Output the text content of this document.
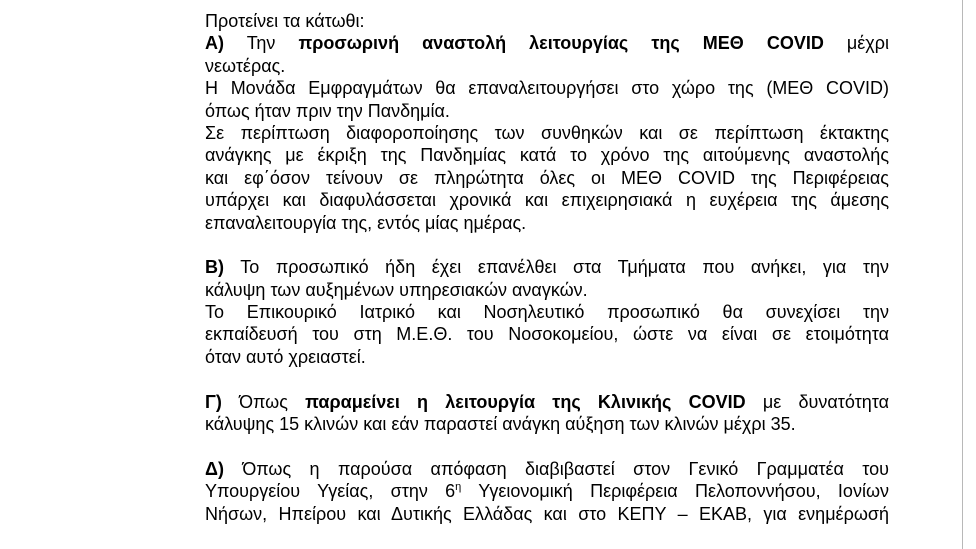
Προτείνει τα κάτωθι:
Α) Την προσωρινή αναστολή λειτουργίας της ΜΕΘ COVID μέχρι
νεωτέρας.
Η Μονάδα Εμφραγμάτων θα επαναλειτουργήσει στο χώρο της (ΜΕΘ COVID)
όπως ήταν πριν την Πανδημία.
Σε περίπτωση διαφοροποίησης των συνθηκών και σε περίπτωση έκτακτης
ανάγκης με έκριξη της Πανδημίας κατά το χρόνο της αιτούμενης αναστολής
και εφ΄όσον τείνουν σε πληρώτητα όλες οι ΜΕΘ COVID της Περιφέρειας
υπάρχει και διαφυλάσσεται χρονικά και επιχειρησιακά η ευχέρεια της άμεσης
επαναλειτουργία της, εντός μίας ημέρας.
Β) Το προσωπικό ήδη έχει επανέλθει στα Τμήματα που ανήκει, για την
κάλυψη των αυξημένων υπηρεσιακών αναγκών.
Το Επικουρικό Ιατρικό και Νοσηλευτικό προσωπικό θα συνεχίσει την
εκπαίδευσή του στη Μ.Ε.Θ. του Νοσοκομείου, ώστε να είναι σε ετοιμότητα
όταν αυτό χρειαστεί.
Γ) Όπως παραμείνει η λειτουργία της Κλινικής COVID με δυνατότητα
κάλυψης 15 κλινών και εάν παραστεί ανάγκη αύξηση των κλινών μέχρι 35.
Δ) Όπως η παρούσα απόφαση διαβιβαστεί στον Γενικό Γραμματέα του
Υπουργείου Υγείας, στην $6^\eta$ Υγειονομική Περιφέρεια Πελοποννήσου, Ιονίων
Νήσων, Ηπείρου και Δυτικής Ελλάδας και στο ΚΕΠΥ – ΕΚΑΒ, για ενημέρωσή
